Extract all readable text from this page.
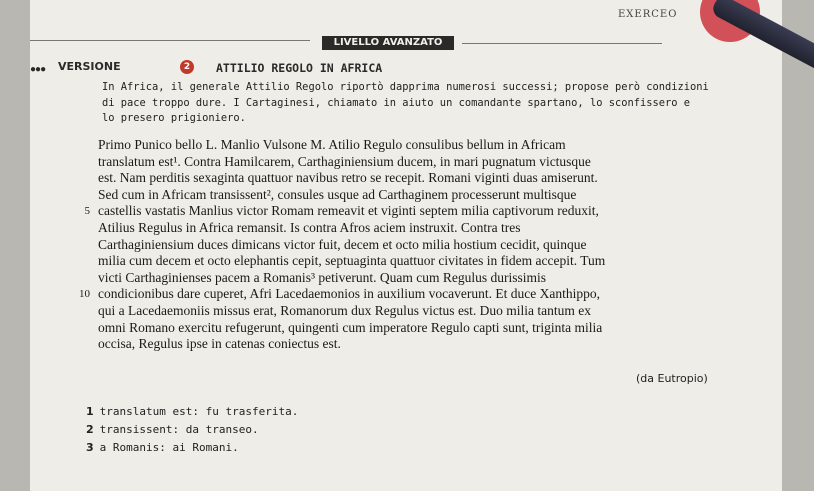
EXERCEO
LIVELLO AVANZATO
●●● VERSIONE	2	ATTILIO REGOLO IN AFRICA
In Africa, il generale Attilio Regolo riportò dapprima numerosi successi; propose però condizioni
di pace troppo dure. I Cartaginesi, chiamato in aiuto un comandante spartano, lo sconfissero e
lo presero prigioniero.
Primo Punico bello L. Manlio Vulsone M. Atilio Regulo consulibus bellum in Africam
translatum est¹. Contra Hamilcarem, Carthaginiensium ducem, in mari pugnatum victusque
est. Nam perditis sexaginta quattuor navibus retro se recepit. Romani viginti duas amiserunt.
Sed cum in Africam transissent², consules usque ad Carthaginem processerunt multisque
5 castellis vastatis Manlius victor Romam remeavit et viginti septem milia captivorum reduxit,
Atilius Regulus in Africa remansit. Is contra Afros aciem instruxit. Contra tres
Carthaginiensium duces dimicans victor fuit, decem et octo milia hostium cecidit, quinque
milia cum decem et octo elephantis cepit, septuaginta quattuor civitates in fidem accepit. Tum
victi Carthaginienses pacem a Romanis³ petiverunt. Quam cum Regulus durissimis
10 condicionibus dare cuperet, Afri Lacedaemonios in auxilium vocaverunt. Et duce Xanthippo,
qui a Lacedaemoniis missus erat, Romanorum dux Regulus victus est. Duo milia tantum ex
omni Romano exercitu refugerunt, quingenti cum imperatore Regulo capti sunt, triginta milia
occisa, Regulus ipse in catenas coniectus est.
(da Eutropio)
1 translatum est: fu trasferita.
2 transissent: da transeo.
3 a Romanis: ai Romani.
